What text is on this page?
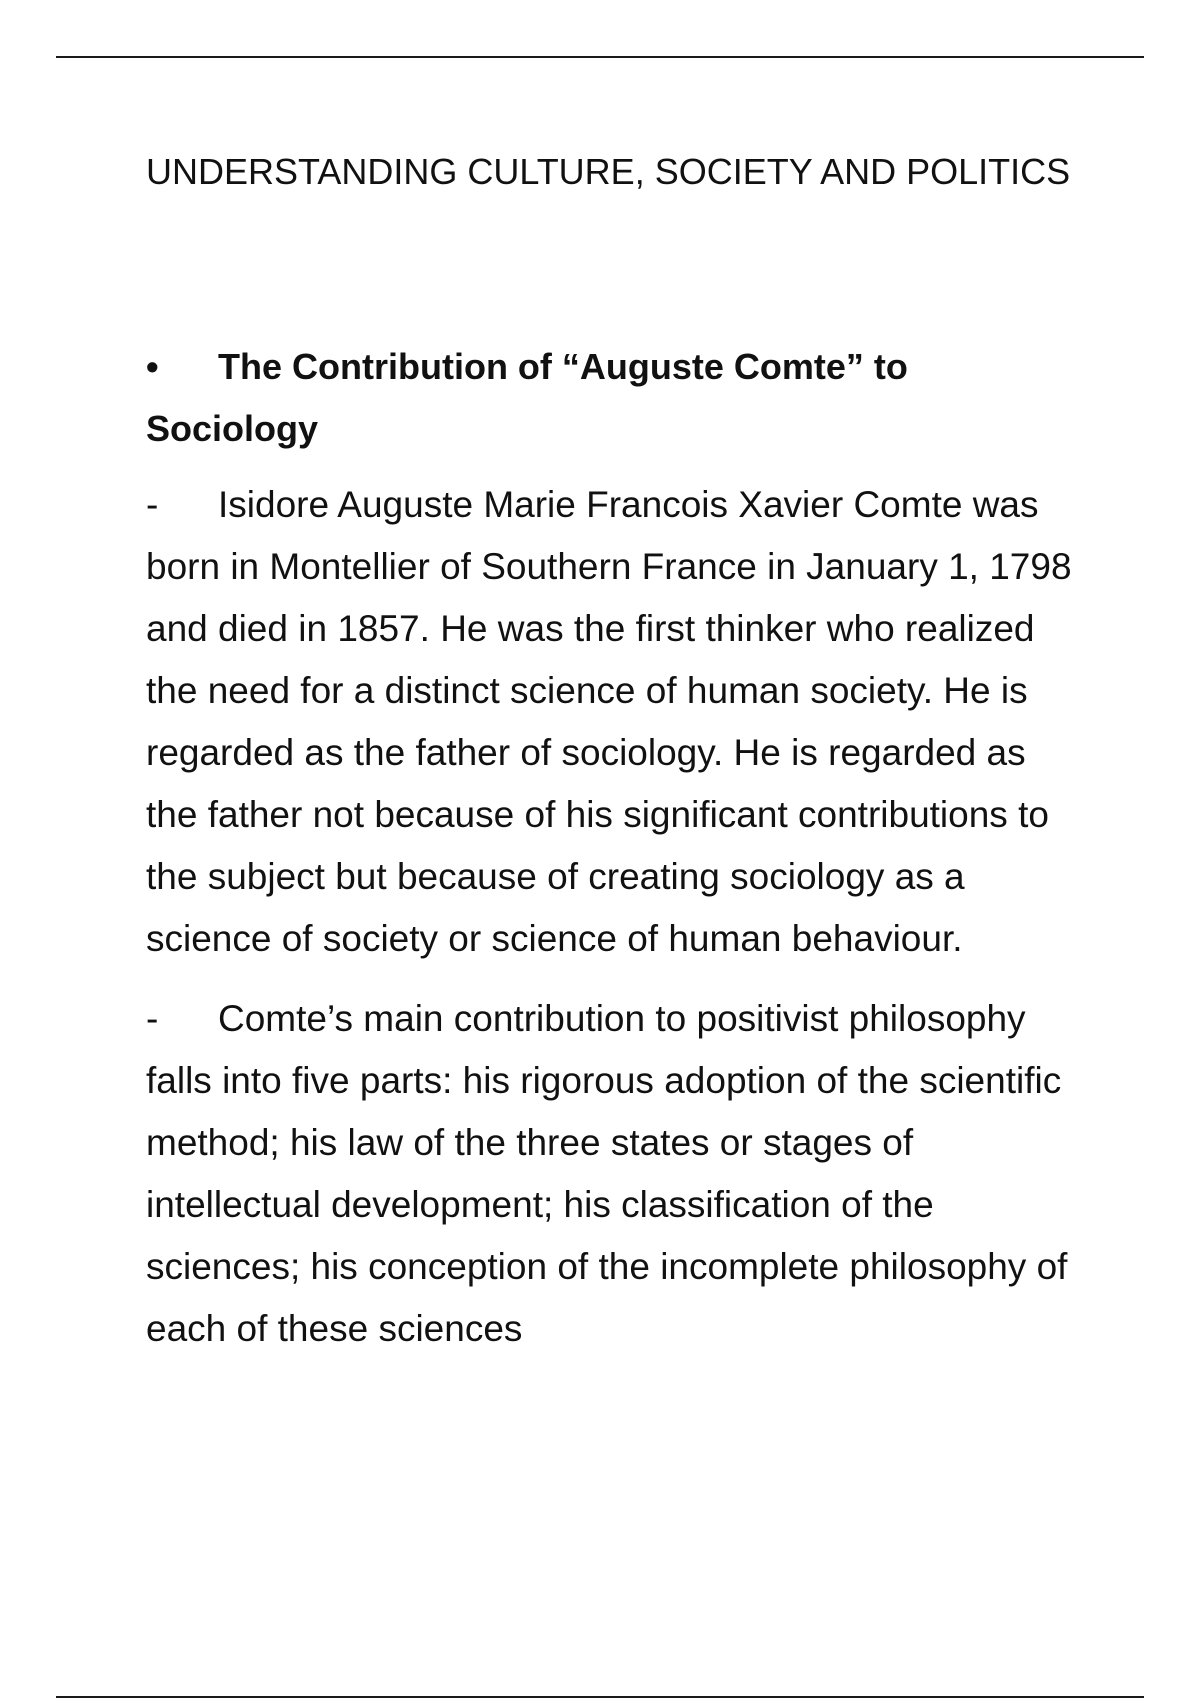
UNDERSTANDING CULTURE, SOCIETY AND POLITICS
• The Contribution of “Auguste Comte” to Sociology
- Isidore Auguste Marie Francois Xavier Comte was born in Montellier of Southern France in January 1, 1798 and died in 1857. He was the first thinker who realized the need for a distinct science of human society. He is regarded as the father of sociology. He is regarded as the father not because of his significant contributions to the subject but because of creating sociology as a science of society or science of human behaviour.
- Comte’s main contribution to positivist philosophy falls into five parts: his rigorous adoption of the scientific method; his law of the three states or stages of intellectual development; his classification of the sciences; his conception of the incomplete philosophy of each of these sciences
